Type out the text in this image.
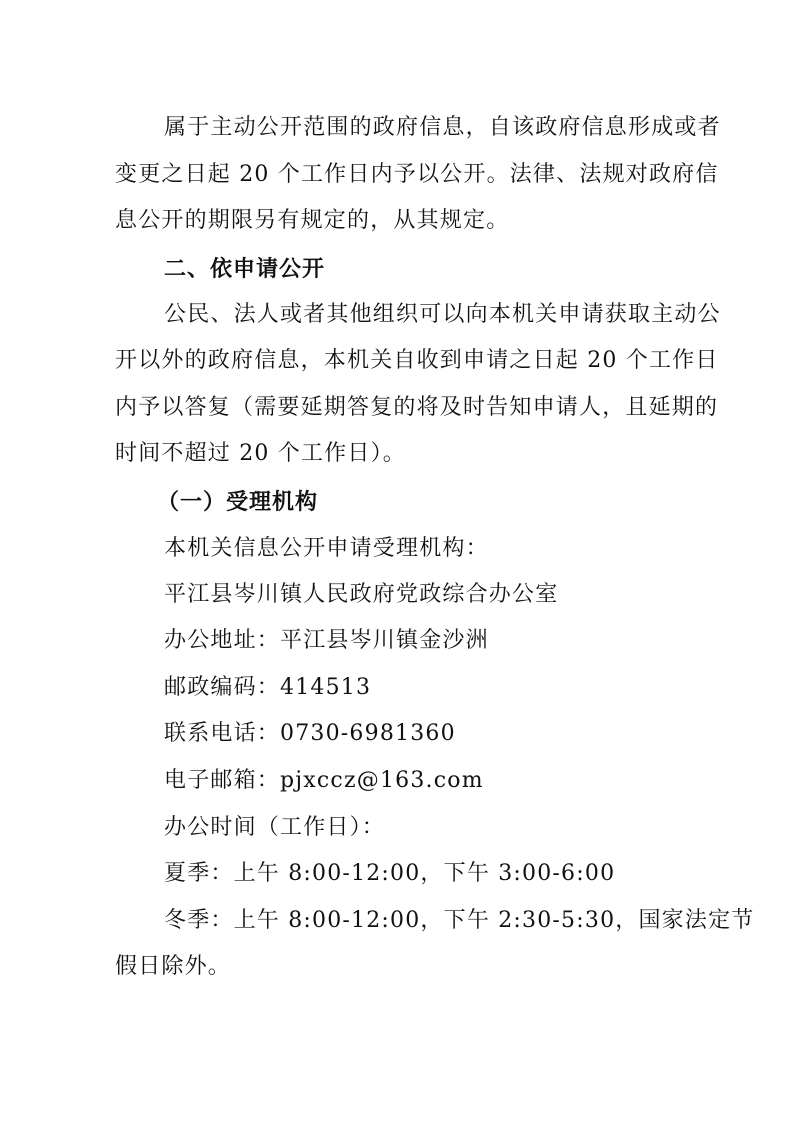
属于主动公开范围的政府信息，自该政府信息形成或者
变更之日起 20 个工作日内予以公开。法律、法规对政府信
息公开的期限另有规定的，从其规定。
二、依申请公开
公民、法人或者其他组织可以向本机关申请获取主动公
开以外的政府信息，本机关自收到申请之日起 20 个工作日
内予以答复（需要延期答复的将及时告知申请人，且延期的
时间不超过 20 个工作日）。
（一）受理机构
本机关信息公开申请受理机构：
平江县岑川镇人民政府党政综合办公室
办公地址：平江县岑川镇金沙洲
邮政编码：414513
联系电话：0730-6981360
电子邮箱：pjxccz@163.com
办公时间（工作日）：
夏季：上午 8:00-12:00，下午 3:00-6:00
冬季：上午 8:00-12:00，下午 2:30-5:30，国家法定节
假日除外。
